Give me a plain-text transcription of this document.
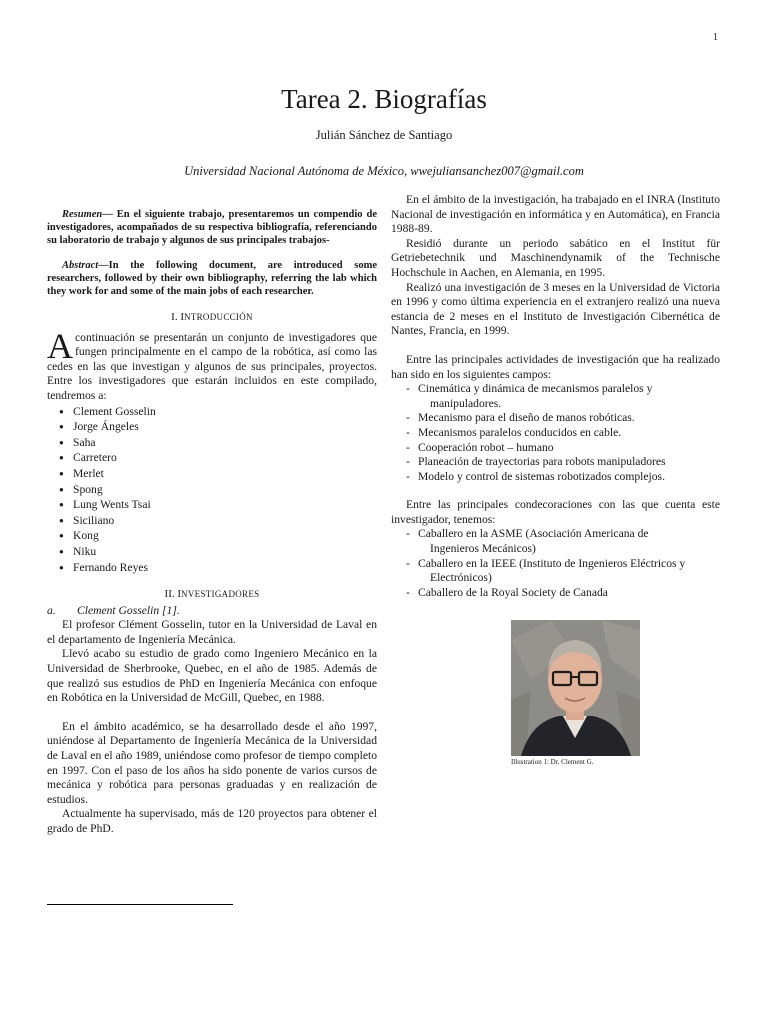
1
Tarea 2. Biografías
Julián Sánchez de Santiago
Universidad Nacional Autónoma de México, wwejuliansanchez007@gmail.com

Resumen— En el siguiente trabajo, presentaremos un compendio de investigadores, acompañados de su respectiva bibliografía, referenciando su laboratorio de trabajo y algunos de sus principales trabajos-

Abstract—In the following document, are introduced some researchers, followed by their own bibliography, referring the lab which they work for and some of the main jobs of each researcher.

I. INTRODUCCIÓN

Acontinuación se presentarán un conjunto de investigadores que fungen principalmente en el campo de la robótica, así como las cedes en las que investigan y algunos de sus principales, proyectos. Entre los investigadores que estarán incluidos en este compilado, tendremos a:

● Clement Gosselin
● Jorge Ángeles
● Saha
● Carretero
● Merlet
● Spong
● Lung Wents Tsai
● Siciliano
● Kong
● Niku
● Fernando Reyes

II. INVESTIGADORES

a. Clement Gosselin [1].

El profesor Clément Gosselin, tutor en la Universidad de Laval en el departamento de Ingeniería Mecánica.

Llevó acabo su estudio de grado como Ingeniero Mecánico en la Universidad de Sherbrooke, Quebec, en el año de 1985. Además de que realizó sus estudios de PhD en Ingeniería Mecánica con enfoque en Robótica en la Universidad de McGill, Quebec, en 1988.

En el ámbito académico, se ha desarrollado desde el año 1997, uniéndose al Departamento de Ingeniería Mecánica de la Universidad de Laval en el año 1989, uniéndose como profesor de tiempo completo en 1997. Con el paso de los años ha sido ponente de varios cursos de mecánica y robótica para personas graduadas y en realización de estudios.

Actualmente ha supervisado, más de 120 proyectos para obtener el grado de PhD.

En el ámbito de la investigación, ha trabajado en el INRA (Instituto Nacional de investigación en informática y en Automática), en Francia 1988-89.

Residió durante un periodo sabático en el Institut für Getriebetechnik und Maschinendynamik of the Technische Hochschule in Aachen, en Alemania, en 1995.

Realizó una investigación de 3 meses en la Universidad de Victoria en 1996 y como última experiencia en el extranjero realizó una nueva estancia de 2 meses en el Instituto de Investigación Cibernética de Nantes, Francia, en 1999.

Entre las principales actividades de investigación que ha realizado han sido en los siguientes campos:

- Cinemática y dinámica de mecanismos paralelos y
manipuladores.
- Mecanismo para el diseño de manos robóticas.
- Mecanismos paralelos conducidos en cable.
- Cooperación robot – humano
- Planeación de trayectorias para robots manipuladores
- Modelo y control de sistemas robotizados complejos.

Entre las principales condecoraciones con las que cuenta este investigador, tenemos:

- Caballero en la ASME (Asociación Americana de
Ingenieros Mecánicos)
- Caballero en la IEEE (Instituto de Ingenieros Eléctricos y
Electrónicos)
- Caballero de la Royal Society de Canada
Illustration 1: Dr. Clement G.
